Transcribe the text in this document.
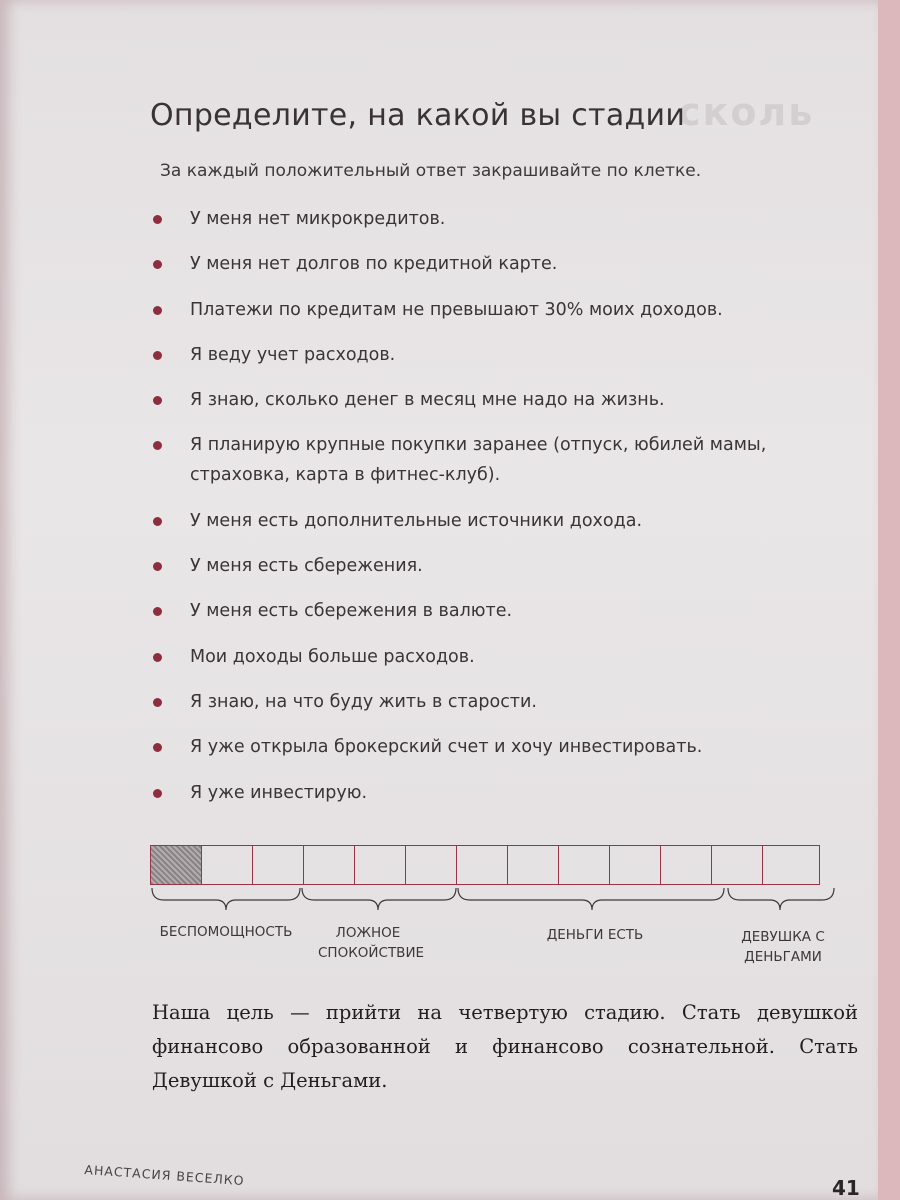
сколь
Определите, на какой вы стадии
За каждый положительный ответ закрашивайте по клетке.
У меня нет микрокредитов.
У меня нет долгов по кредитной карте.
Платежи по кредитам не превышают 30% моих доходов.
Я веду учет расходов.
Я знаю, сколько денег в месяц мне надо на жизнь.
Я планирую крупные покупки заранее (отпуск, юбилей мамы, страховка, карта в фитнес-клуб).
У меня есть дополнительные источники дохода.
У меня есть сбережения.
У меня есть сбережения в валюте.
Мои доходы больше расходов.
Я знаю, на что буду жить в старости.
Я уже открыла брокерский счет и хочу инвестировать.
Я уже инвестирую.
БЕСПОМОЩНОСТЬ	ЛОЖНОЕ СПОКОЙСТВИЕ
ДЕНЬГИ ЕСТЬ	ДЕВУШКА С ДЕНЬГАМИ
Наша цель — прийти на четвертую стадию. Стать девушкой финансово образованной и финансово сознательной. Стать Девушкой с Деньгами.
АНАСТАСИЯ ВЕСЕЛКО	41
